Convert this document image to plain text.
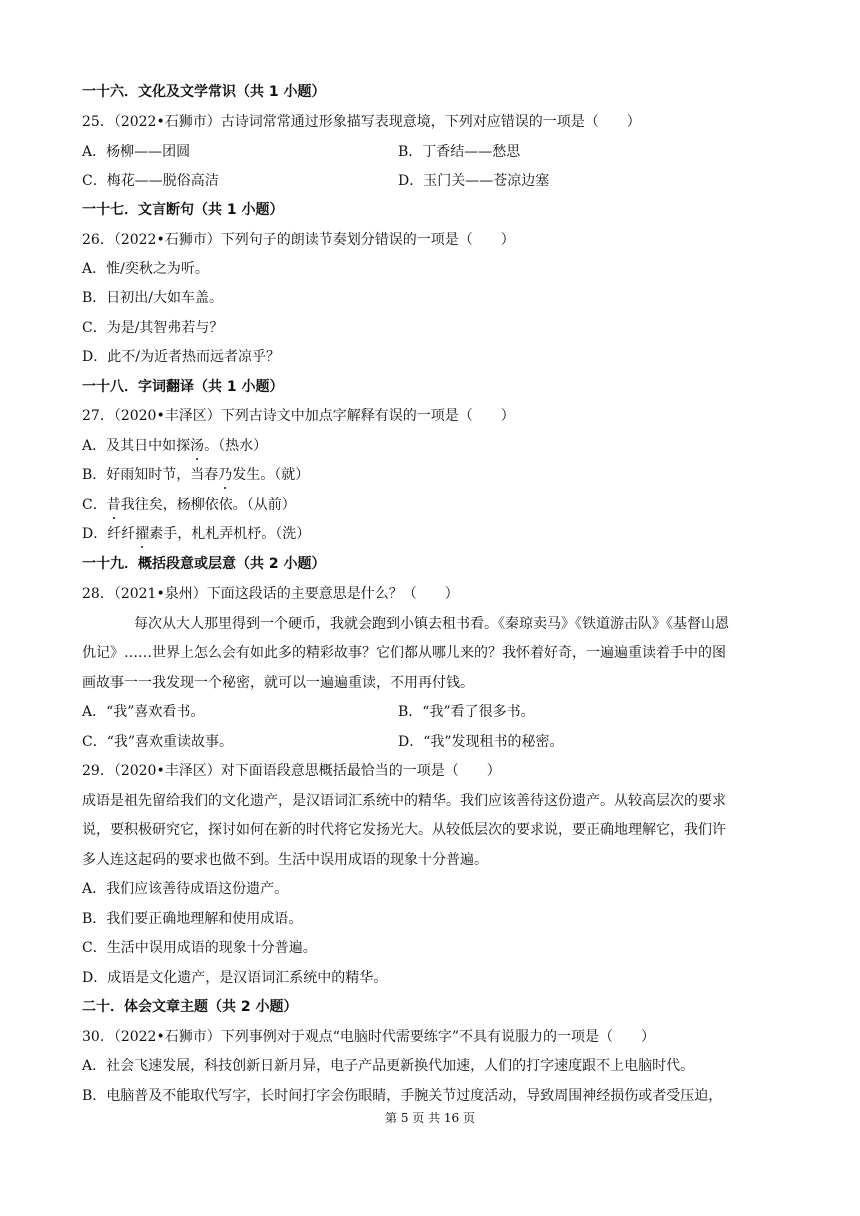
一十六．文化及文学常识（共 1 小题）
25．（2022•石狮市）古诗词常常通过形象描写表现意境，下列对应错误的一项是（　　）
A．杨柳——团圆	B．丁香结——愁思
C．梅花——脱俗高洁	D．玉门关——苍凉边塞
一十七．文言断句（共 1 小题）
26．（2022•石狮市）下列句子的朗读节奏划分错误的一项是（　　）
A．惟/奕秋之为听。
B．日初出/大如车盖。
C．为是/其智弗若与？
D．此不/为近者热而远者凉乎？
一十八．字词翻译（共 1 小题）
27．（2020•丰泽区）下列古诗文中加点字解释有误的一项是（　　）
A．及其日中如探汤。（热水）
B．好雨知时节，当春乃发生。（就）
C．昔我往矣，杨柳依依。（从前）
D．纤纤擢素手，札札弄机杼。（洗）
一十九．概括段意或层意（共 2 小题）
28．（2021•泉州）下面这段话的主要意思是什么？（　　）
每次从大人那里得到一个硬币，我就会跑到小镇去租书看。《秦琼卖马》《铁道游击队》《基督山恩
仇记》……世界上怎么会有如此多的精彩故事？它们都从哪儿来的？我怀着好奇，一遍遍重读着手中的图
画故事一一我发现一个秘密，就可以一遍遍重读，不用再付钱。
A．“我”喜欢看书。	B．“我”看了很多书。
C．“我”喜欢重读故事。	D．“我”发现租书的秘密。
29．（2020•丰泽区）对下面语段意思概括最恰当的一项是（　　）
成语是祖先留给我们的文化遗产，是汉语词汇系统中的精华。我们应该善待这份遗产。从较高层次的要求
说，要积极研究它，探讨如何在新的时代将它发扬光大。从较低层次的要求说，要正确地理解它，我们许
多人连这起码的要求也做不到。生活中误用成语的现象十分普遍。
A．我们应该善待成语这份遗产。
B．我们要正确地理解和使用成语。
C．生活中误用成语的现象十分普遍。
D．成语是文化遗产，是汉语词汇系统中的精华。
二十．体会文章主题（共 2 小题）
30．（2022•石狮市）下列事例对于观点“电脑时代需要练字”不具有说服力的一项是（　　）
A．社会飞速发展，科技创新日新月异，电子产品更新换代加速，人们的打字速度跟不上电脑时代。
B．电脑普及不能取代写字，长时间打字会伤眼睛，手腕关节过度活动，导致周围神经损伤或者受压迫，
第 5 页 共 16 页
